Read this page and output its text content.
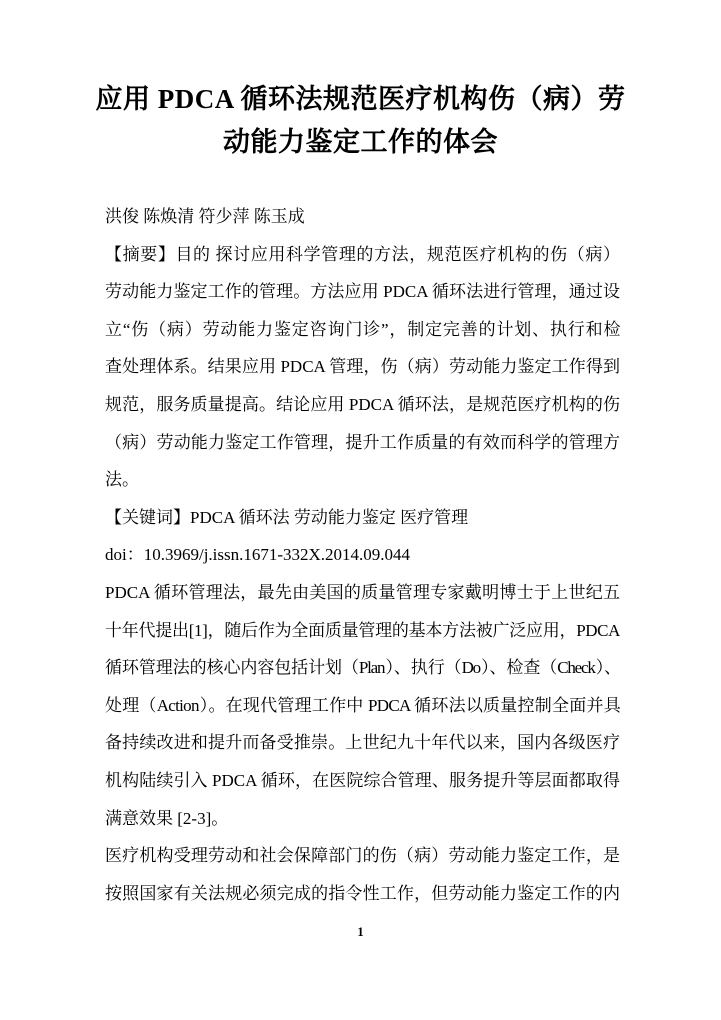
应用 PDCA 循环法规范医疗机构伤（病）劳
动能力鉴定工作的体会
洪俊 陈焕清 符少萍 陈玉成
【摘要】目的 探讨应用科学管理的方法，规范医疗机构的伤（病）
劳动能力鉴定工作的管理。方法应用 PDCA 循环法进行管理，通过设
立“伤（病）劳动能力鉴定咨询门诊”，制定完善的计划、执行和检
查处理体系。结果应用 PDCA 管理，伤（病）劳动能力鉴定工作得到
规范，服务质量提高。结论应用 PDCA 循环法，是规范医疗机构的伤
（病）劳动能力鉴定工作管理，提升工作质量的有效而科学的管理方
法。
【关键词】PDCA 循环法 劳动能力鉴定 医疗管理
doi：10.3969/j.issn.1671-332X.2014.09.044
PDCA 循环管理法，最先由美国的质量管理专家戴明博士于上世纪五
十年代提出[1]，随后作为全面质量管理的基本方法被广泛应用，PDCA
循环管理法的核心内容包括计划（Plan）、执行（Do）、检查（Check）、
处理（Action）。在现代管理工作中 PDCA 循环法以质量控制全面并具
备持续改进和提升而备受推崇。上世纪九十年代以来，国内各级医疗
机构陆续引入 PDCA 循环，在医院综合管理、服务提升等层面都取得
满意效果 [2-3]。
医疗机构受理劳动和社会保障部门的伤（病）劳动能力鉴定工作，是
按照国家有关法规必须完成的指令性工作，但劳动能力鉴定工作的内
1
